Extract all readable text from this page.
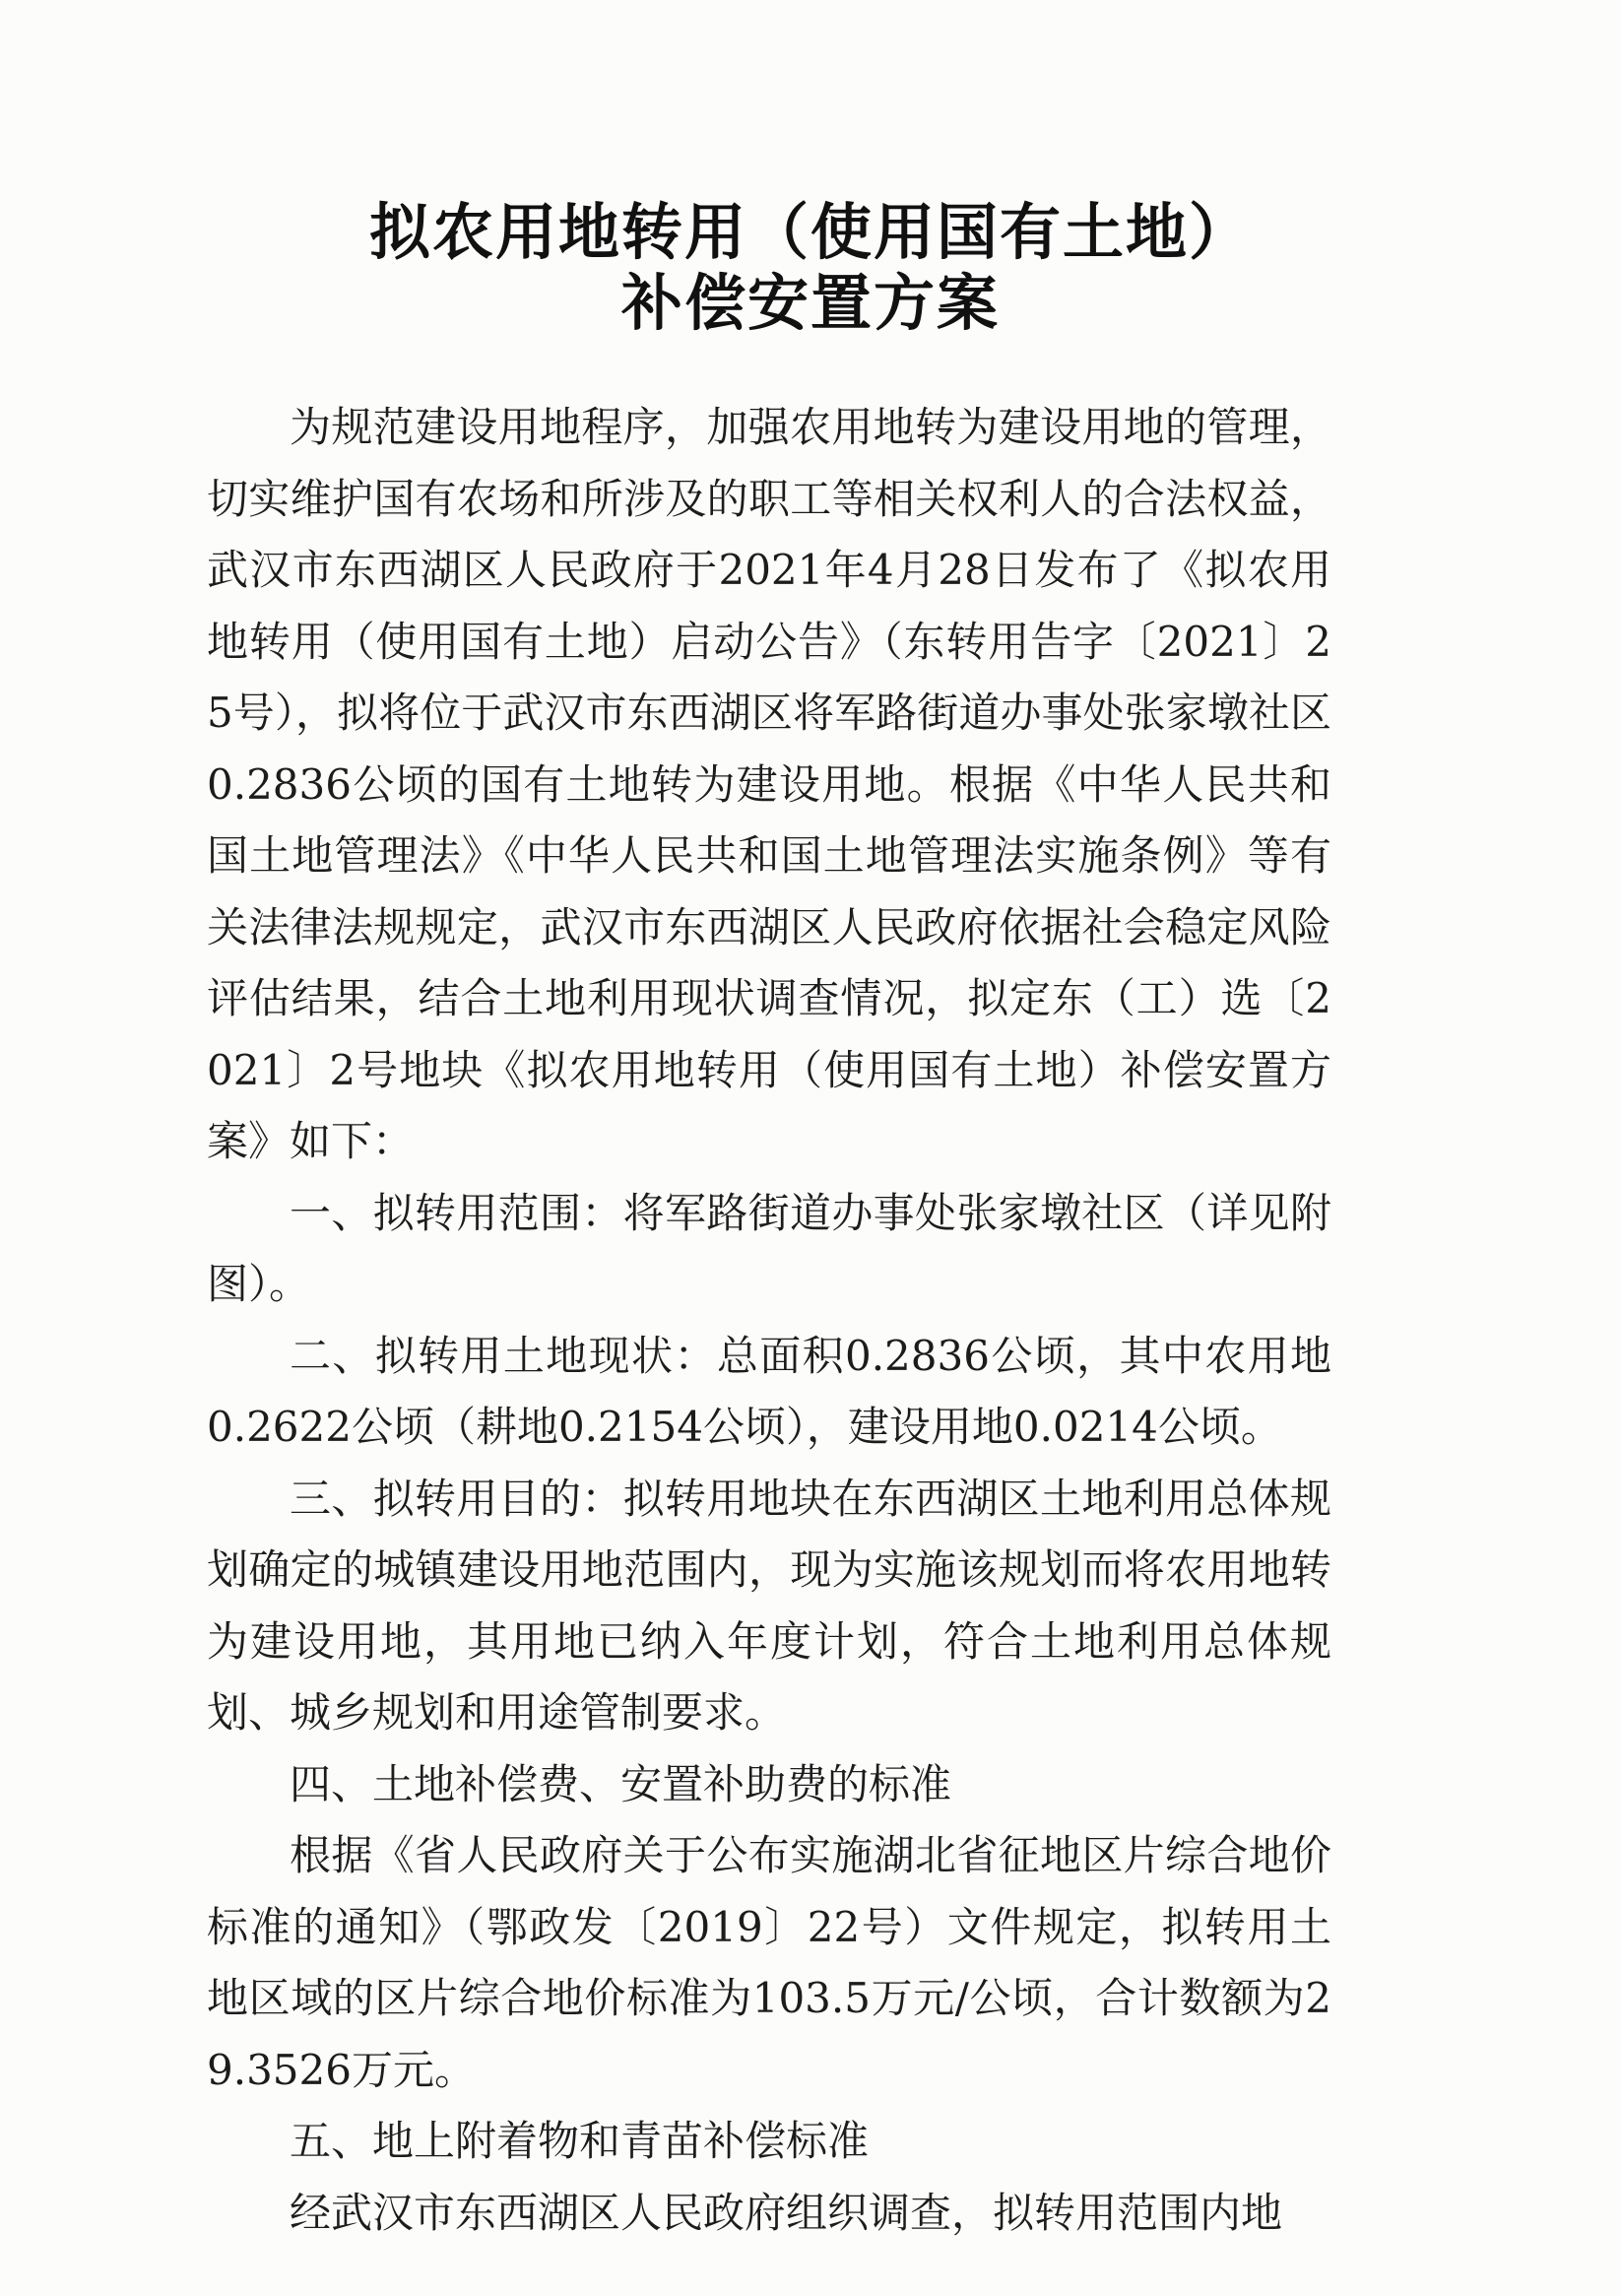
拟农用地转用（使用国有土地）
补偿安置方案

为规范建设用地程序，加强农用地转为建设用地的管理，切实维护国有农场和所涉及的职工等相关权利人的合法权益，武汉市东西湖区人民政府于2021年4月28日发布了《拟农用地转用（使用国有土地）启动公告》（东转用告字〔2021〕25号），拟将位于武汉市东西湖区将军路街道办事处张家墩社区0.2836公顷的国有土地转为建设用地。根据《中华人民共和国土地管理法》《中华人民共和国土地管理法实施条例》等有关法律法规规定，武汉市东西湖区人民政府依据社会稳定风险评估结果，结合土地利用现状调查情况，拟定东（工）选〔2021〕2号地块《拟农用地转用（使用国有土地）补偿安置方案》如下：

一、拟转用范围：将军路街道办事处张家墩社区（详见附图）。

二、拟转用土地现状：总面积0.2836公顷，其中农用地0.2622公顷（耕地0.2154公顷），建设用地0.0214公顷。

三、拟转用目的：拟转用地块在东西湖区土地利用总体规划确定的城镇建设用地范围内，现为实施该规划而将农用地转为建设用地，其用地已纳入年度计划，符合土地利用总体规划、城乡规划和用途管制要求。

四、土地补偿费、安置补助费的标准

根据《省人民政府关于公布实施湖北省征地区片综合地价标准的通知》（鄂政发〔2019〕22号）文件规定，拟转用土地区域的区片综合地价标准为103.5万元/公顷，合计数额为29.3526万元。

五、地上附着物和青苗补偿标准

经武汉市东西湖区人民政府组织调查，拟转用范围内地
